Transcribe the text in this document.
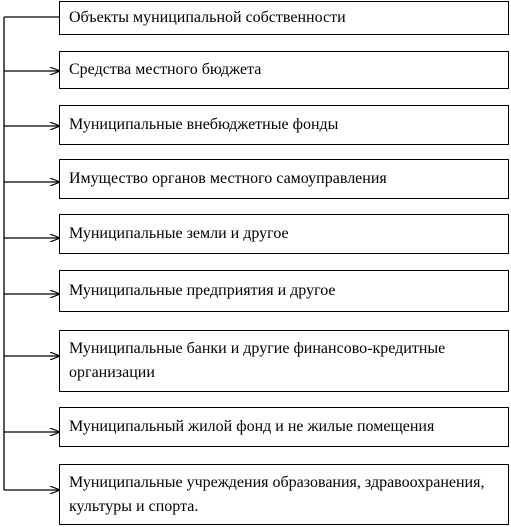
Объекты муниципальной собственности
Средства местного бюджета
Муниципальные внебюджетные фонды
Имущество органов местного самоуправления
Муниципальные земли и другое
Муниципальные предприятия и другое
Муниципальные банки и другие финансово-кредитные организации
Муниципальный жилой фонд и не жилые помещения
Муниципальные учреждения образования, здравоохранения, культуры и спорта.
